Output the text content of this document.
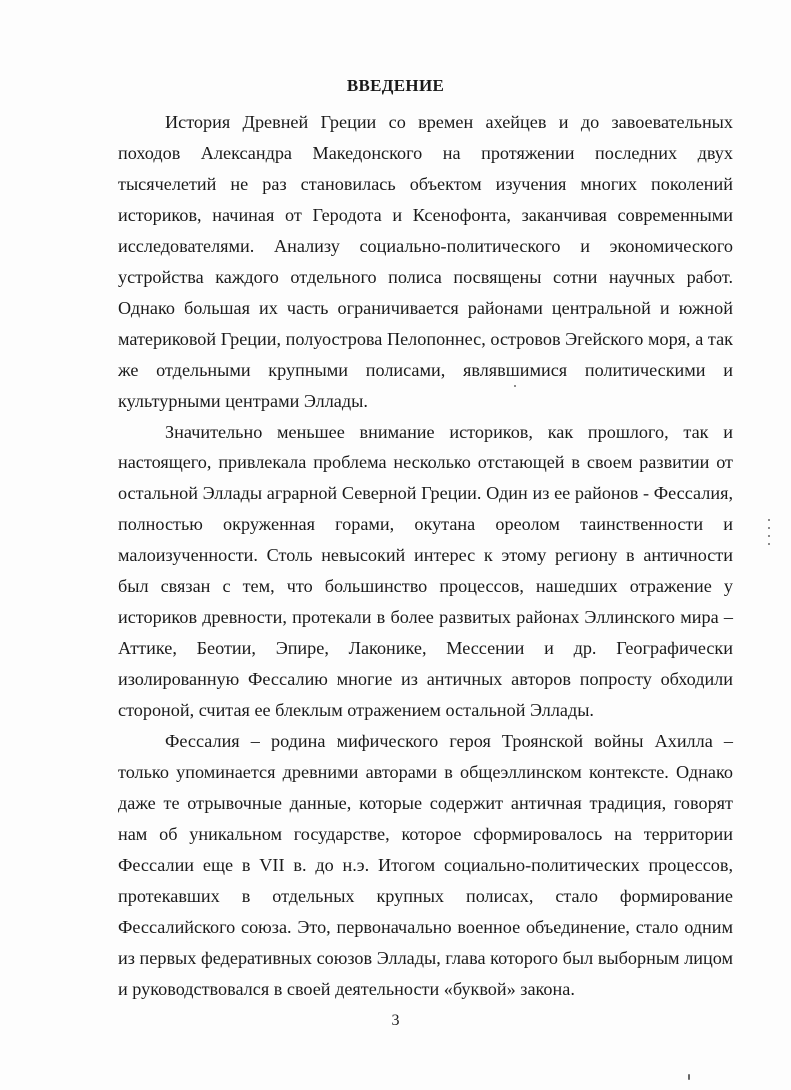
ВВЕДЕНИЕ

История Древней Греции со времен ахейцев и до завоевательных походов Александра Македонского на протяжении последних двух тысячелетий не раз становилась объектом изучения многих поколений историков, начиная от Геродота и Ксенофонта, заканчивая современными исследователями. Анализу социально-политического и экономического устройства каждого отдельного полиса посвящены сотни научных работ. Однако большая их часть ограничивается районами центральной и южной материковой Греции, полуострова Пелопоннес, островов Эгейского моря, а так же отдельными крупными полисами, являвшимися политическими и культурными центрами Эллады.

Значительно меньшее внимание историков, как прошлого, так и настоящего, привлекала проблема несколько отстающей в своем развитии от остальной Эллады аграрной Северной Греции. Один из ее районов - Фессалия, полностью окруженная горами, окутана ореолом таинственности и малоизученности. Столь невысокий интерес к этому региону в античности был связан с тем, что большинство процессов, нашедших отражение у историков древности, протекали в более развитых районах Эллинского мира – Аттике, Беотии, Эпире, Лаконике, Мессении и др. Географически изолированную Фессалию многие из античных авторов попросту обходили стороной, считая ее блеклым отражением остальной Эллады.

Фессалия – родина мифического героя Троянской войны Ахилла – только упоминается древними авторами в общеэллинском контексте. Однако даже те отрывочные данные, которые содержит античная традиция, говорят нам об уникальном государстве, которое сформировалось на территории Фессалии еще в VII в. до н.э. Итогом социально-политических процессов, протекавших в отдельных крупных полисах, стало формирование Фессалийского союза. Это, первоначально военное объединение, стало одним из первых федеративных союзов Эллады, глава которого был выборным лицом и руководствовался в своей деятельности «буквой» закона.

3
